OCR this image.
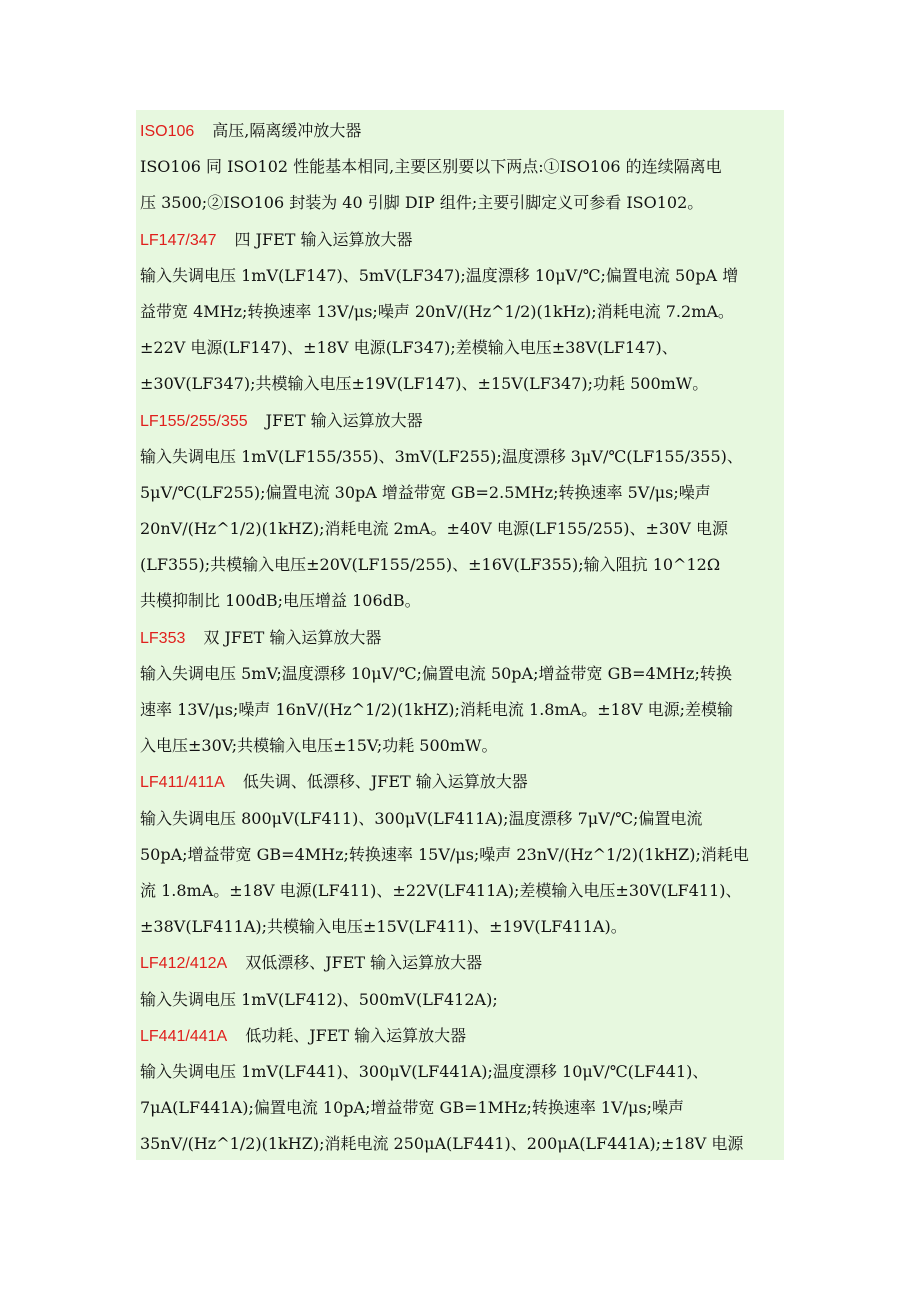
ISO106 高压,隔离缓冲放大器
ISO106 同 ISO102 性能基本相同,主要区别要以下两点:①ISO106 的连续隔离电
压 3500;②ISO106 封装为 40 引脚 DIP 组件;主要引脚定义可参看 ISO102。
LF147/347 四 JFET 输入运算放大器
输入失调电压 1mV(LF147)、5mV(LF347);温度漂移 10μV/℃;偏置电流 50pA 增
益带宽 4MHz;转换速率 13V/μs;噪声 20nV/(Hz^1/2)(1kHz);消耗电流 7.2mA。
±22V 电源(LF147)、±18V 电源(LF347);差模输入电压±38V(LF147)、
±30V(LF347);共模输入电压±19V(LF147)、±15V(LF347);功耗 500mW。
LF155/255/355 JFET 输入运算放大器
输入失调电压 1mV(LF155/355)、3mV(LF255);温度漂移 3μV/℃(LF155/355)、
5μV/℃(LF255);偏置电流 30pA 增益带宽 GB=2.5MHz;转换速率 5V/μs;噪声
20nV/(Hz^1/2)(1kHZ);消耗电流 2mA。±40V 电源(LF155/255)、±30V 电源
(LF355);共模输入电压±20V(LF155/255)、±16V(LF355);输入阻抗 10^12Ω
共模抑制比 100dB;电压增益 106dB。
LF353 双 JFET 输入运算放大器
输入失调电压 5mV;温度漂移 10μV/℃;偏置电流 50pA;增益带宽 GB=4MHz;转换
速率 13V/μs;噪声 16nV/(Hz^1/2)(1kHZ);消耗电流 1.8mA。±18V 电源;差模输
入电压±30V;共模输入电压±15V;功耗 500mW。
LF411/411A 低失调、低漂移、JFET 输入运算放大器
输入失调电压 800μV(LF411)、300μV(LF411A);温度漂移 7μV/℃;偏置电流
50pA;增益带宽 GB=4MHz;转换速率 15V/μs;噪声 23nV/(Hz^1/2)(1kHZ);消耗电
流 1.8mA。±18V 电源(LF411)、±22V(LF411A);差模输入电压±30V(LF411)、
±38V(LF411A);共模输入电压±15V(LF411)、±19V(LF411A)。
LF412/412A 双低漂移、JFET 输入运算放大器
输入失调电压 1mV(LF412)、500mV(LF412A);
LF441/441A 低功耗、JFET 输入运算放大器
输入失调电压 1mV(LF441)、300μV(LF441A);温度漂移 10μV/℃(LF441)、
7μA(LF441A);偏置电流 10pA;增益带宽 GB=1MHz;转换速率 1V/μs;噪声
35nV/(Hz^1/2)(1kHZ);消耗电流 250μA(LF441)、200μA(LF441A);±18V 电源
